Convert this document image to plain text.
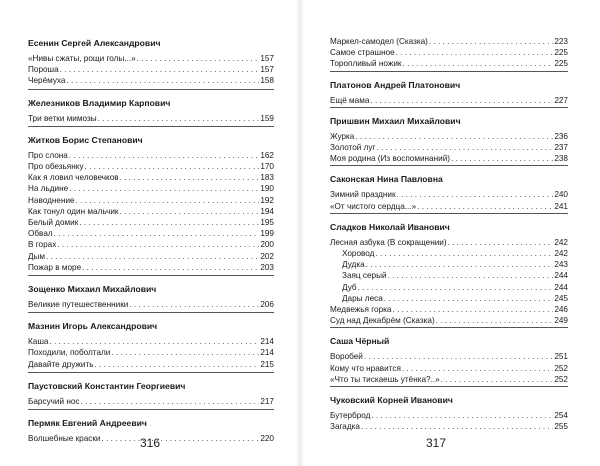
Есенин Сергей Александрович
«Нивы сжаты, рощи голы...» . . .	157
Пороша . . .	157
Черёмуха . . .	158
Железников Владимир Карпович
Три ветки мимозы . . .	159
Житков Борис Степанович
Про слона . . .	162
Про обезьянку . . .	170
Как я ловил человечков . . .	183
На льдине . . .	190
Наводнение . . .	192
Как тонул один мальчик . . .	194
Белый домик . . .	195
Обвал . . .	199
В горах . . .	200
Дым . . .	202
Пожар в море . . .	203
Зощенко Михаил Михайлович
Великие путешественники . . .	206
Мазнин Игорь Александрович
Каша . . .	214
Походили, поболтали . . .	214
Давайте дружить . . .	215
Паустовский Константин Георгиевич
Барсучий нос . . .	217
Пермяк Евгений Андреевич
Волшебные краски . . .	220
316
Маркел-самодел (Сказка) . . .	223
Самое страшное . . .	225
Торопливый ножик . . .	225
Платонов Андрей Платонович
Ещё мама . . .	227
Пришвин Михаил Михайлович
Журка . . .	236
Золотой луг . . .	237
Моя родина (Из воспоминаний) . . .	238
Саконская Нина Павловна
Зимний праздник . . .	240
«От чистого сердца...» . . .	241
Сладков Николай Иванович
Лесная азбука (В сокращении) . . .	242
Хоровод . . .	242
Дудка . . .	243
Заяц серый . . .	244
Дуб . . .	244
Дары леса . . .	245
Медвежья горка . . .	246
Суд над Декабрём (Сказка) . . .	249
Саша Чёрный
Воробей . . .	251
Кому что нравится . . .	252
«Что ты тискаешь утёнка?..» . . .	252
Чуковский Корней Иванович
Бутерброд . . .	254
Загадка . . .	255
317
